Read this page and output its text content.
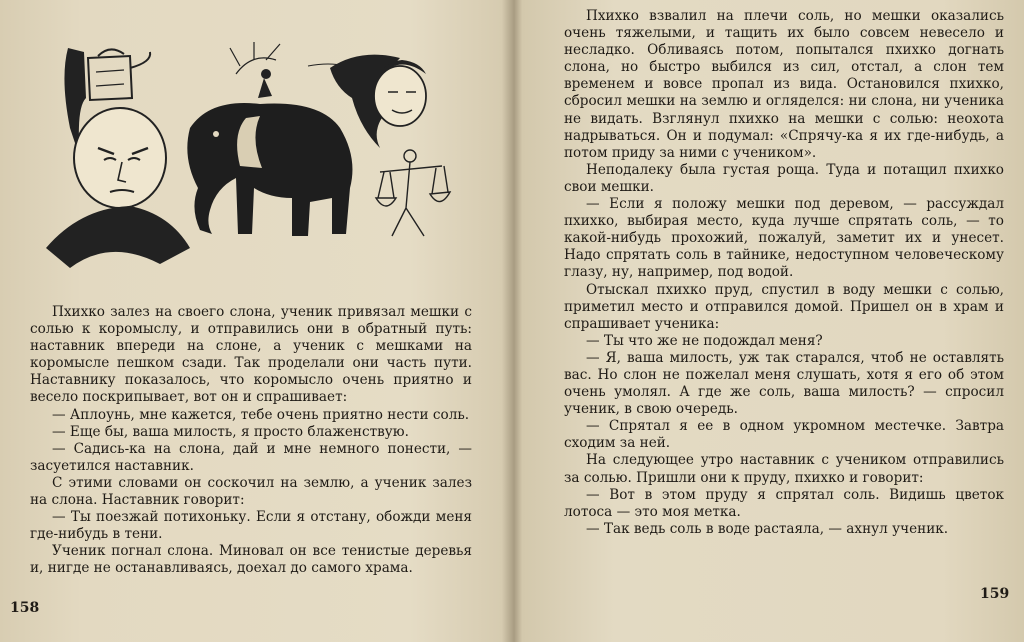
Пхихко залез на своего слона, ученик привязал мешки с солью к коромыслу, и отправились они в обратный путь: наставник впереди на слоне, а ученик с мешками на коромысле пешком сзади. Так проделали они часть пути. Наставнику показалось, что коромысло очень приятно и весело поскрипывает, вот он и спрашивает:

— Аплоунь, мне кажется, тебе очень приятно нести соль.

— Еще бы, ваша милость, я просто блаженствую.

— Садись-ка на слона, дай и мне немного понести, — засуетился наставник.

С этими словами он соскочил на землю, а ученик залез на слона. Наставник говорит:

— Ты поезжай потихоньку. Если я отстану, обожди меня где-нибудь в тени.

Ученик погнал слона. Миновал он все тенистые деревья и, нигде не останавливаясь, доехал до самого храма.

158

Пхихко взвалил на плечи соль, но мешки оказались очень тяжелыми, и тащить их было совсем невесело и несладко. Обливаясь потом, попытался пхихко догнать слона, но быстро выбился из сил, отстал, а слон тем временем и вовсе пропал из вида. Остановился пхихко, сбросил мешки на землю и огляделся: ни слона, ни ученика не видать. Взглянул пхихко на мешки с солью: неохота надрываться. Он и подумал: «Спрячу-ка я их где-нибудь, а потом приду за ними с учеником».

Неподалеку была густая роща. Туда и потащил пхихко свои мешки.

— Если я положу мешки под деревом, — рассуждал пхихко, выбирая место, куда лучше спрятать соль, — то какой-нибудь прохожий, пожалуй, заметит их и унесет. Надо спрятать соль в тайнике, недоступном человеческому глазу, ну, например, под водой.

Отыскал пхихко пруд, спустил в воду мешки с солью, приметил место и отправился домой. Пришел он в храм и спрашивает ученика:

— Ты что же не подождал меня?

— Я, ваша милость, уж так старался, чтоб не оставлять вас. Но слон не пожелал меня слушать, хотя я его об этом очень умолял. А где же соль, ваша милость? — спросил ученик, в свою очередь.

— Спрятал я ее в одном укромном местечке. Завтра сходим за ней.

На следующее утро наставник с учеником отправились за солью. Пришли они к пруду, пхихко и говорит:

— Вот в этом пруду я спрятал соль. Видишь цветок лотоса — это моя метка.

— Так ведь соль в воде растаяла, — ахнул ученик.

159
